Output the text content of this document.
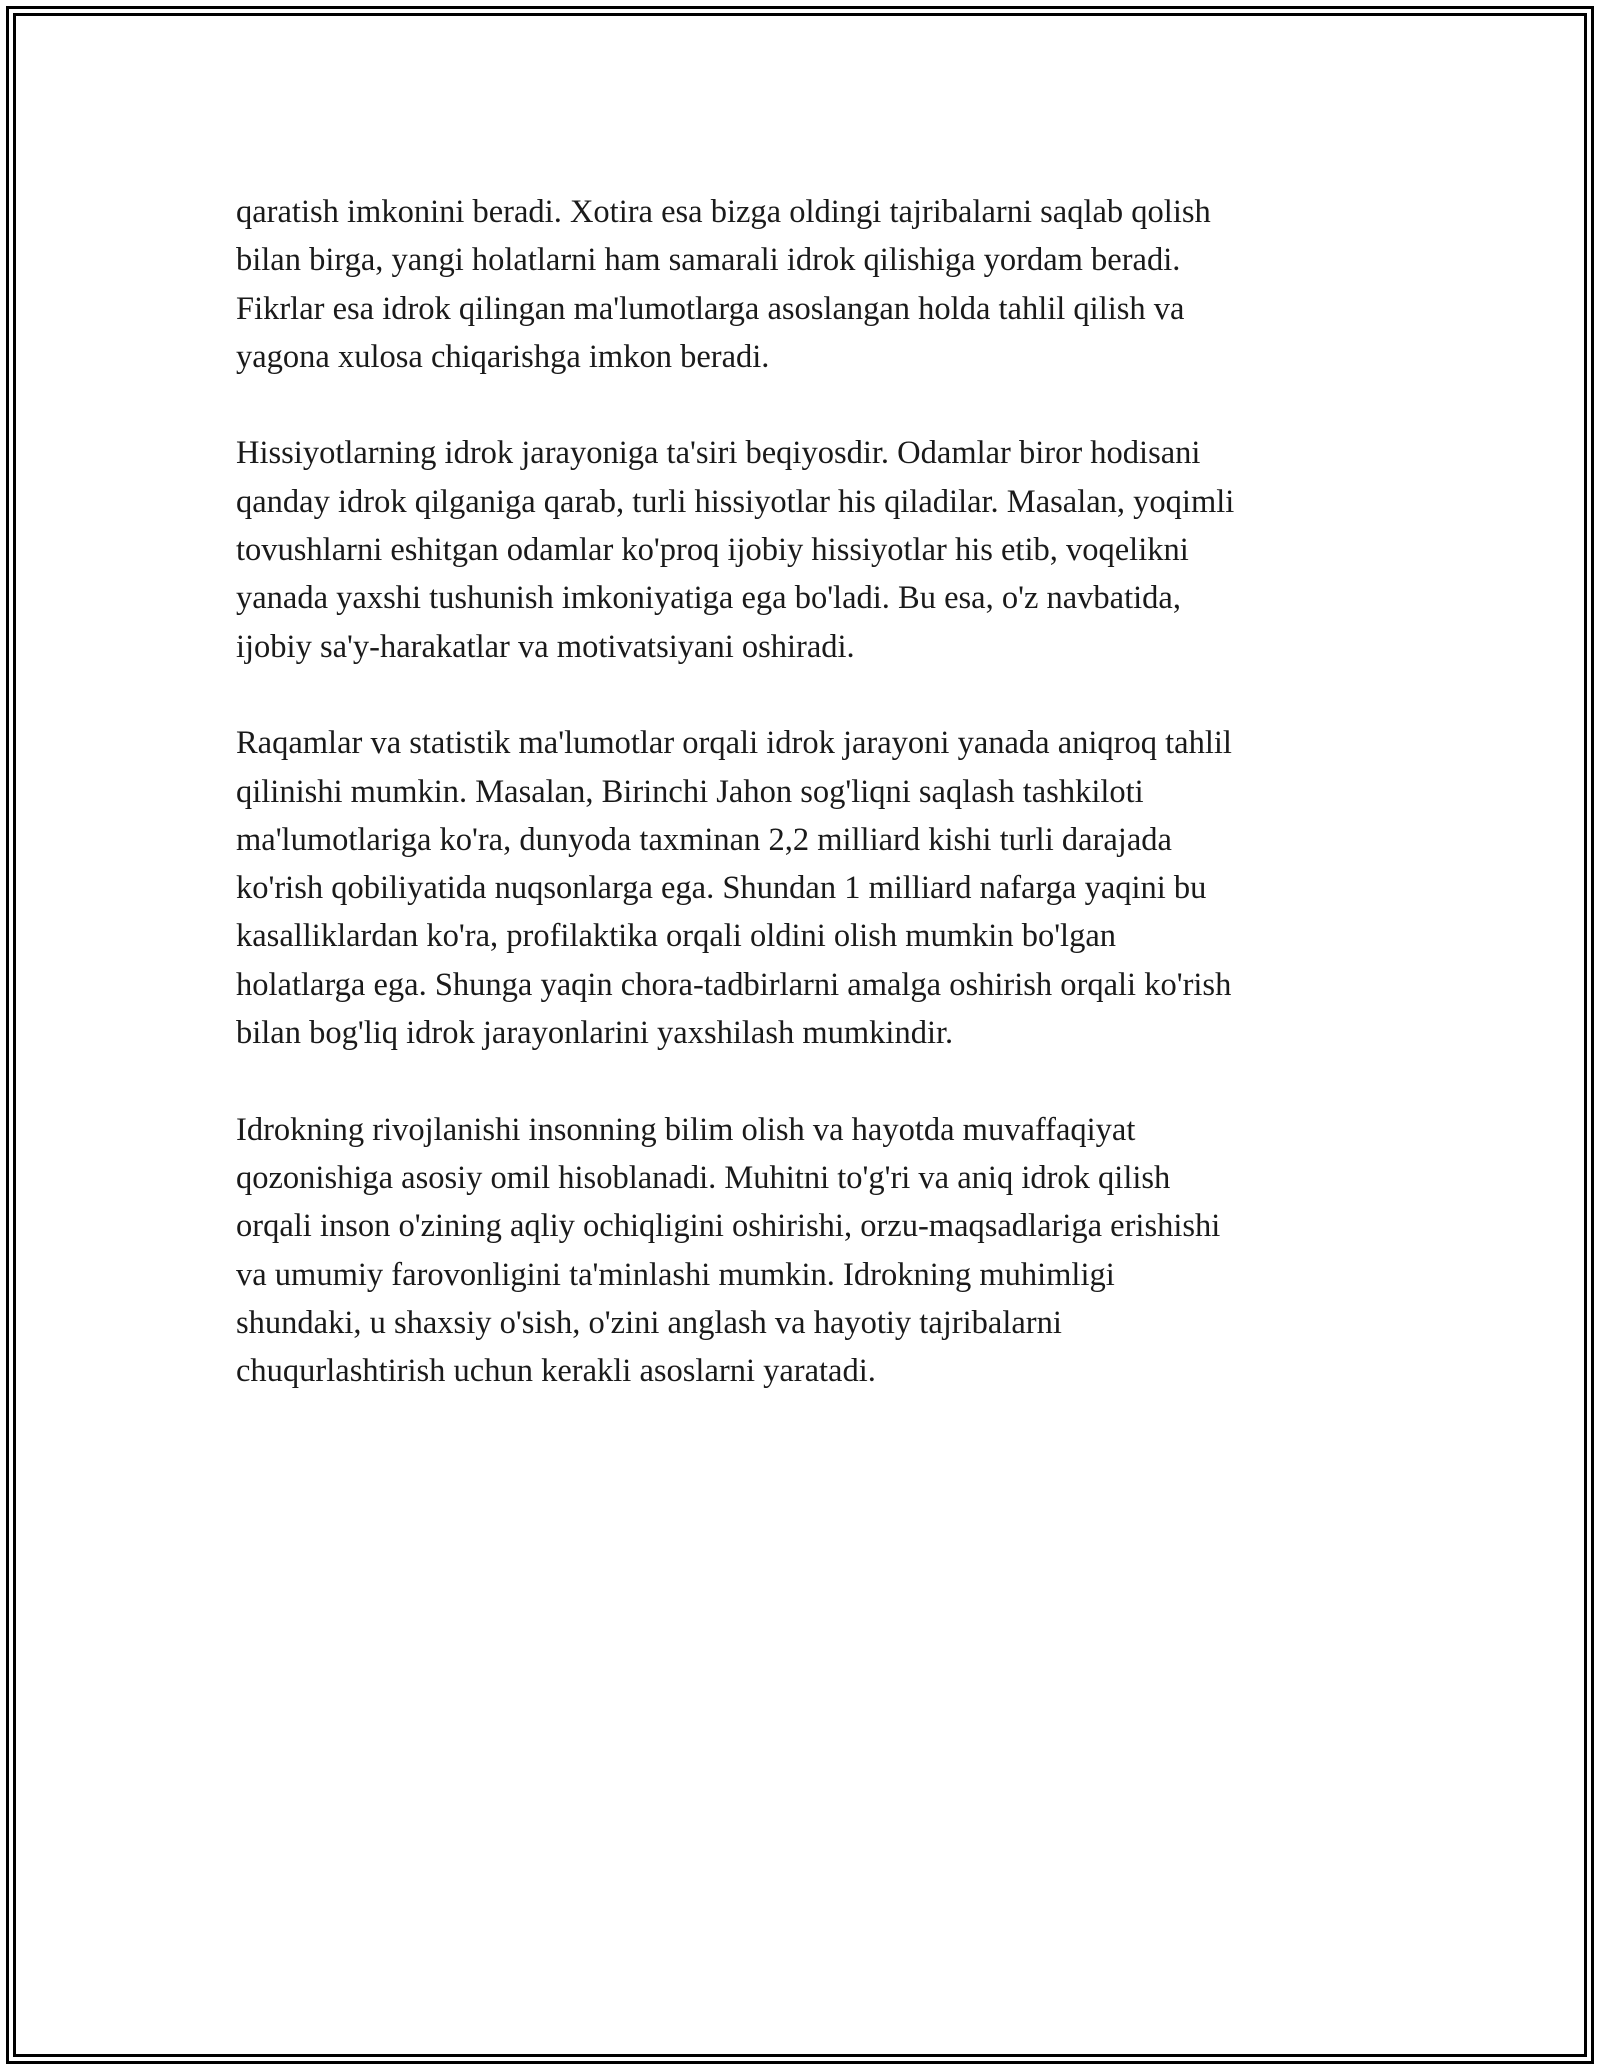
qaratish imkonini beradi. Xotira esa bizga oldingi tajribalarni saqlab qolish
bilan birga, yangi holatlarni ham samarali idrok qilishiga yordam beradi.
Fikrlar esa idrok qilingan ma'lumotlarga asoslangan holda tahlil qilish va
yagona xulosa chiqarishga imkon beradi.

Hissiyotlarning idrok jarayoniga ta'siri beqiyosdir. Odamlar biror hodisani
qanday idrok qilganiga qarab, turli hissiyotlar his qiladilar. Masalan, yoqimli
tovushlarni eshitgan odamlar ko'proq ijobiy hissiyotlar his etib, voqelikni
yanada yaxshi tushunish imkoniyatiga ega bo'ladi. Bu esa, o'z navbatida,
ijobiy sa'y-harakatlar va motivatsiyani oshiradi.

Raqamlar va statistik ma'lumotlar orqali idrok jarayoni yanada aniqroq tahlil
qilinishi mumkin. Masalan, Birinchi Jahon sog'liqni saqlash tashkiloti
ma'lumotlariga ko'ra, dunyoda taxminan 2,2 milliard kishi turli darajada
ko'rish qobiliyatida nuqsonlarga ega. Shundan 1 milliard nafarga yaqini bu
kasalliklardan ko'ra, profilaktika orqali oldini olish mumkin bo'lgan
holatlarga ega. Shunga yaqin chora-tadbirlarni amalga oshirish orqali ko'rish
bilan bog'liq idrok jarayonlarini yaxshilash mumkindir.

Idrokning rivojlanishi insonning bilim olish va hayotda muvaffaqiyat
qozonishiga asosiy omil hisoblanadi. Muhitni to'g'ri va aniq idrok qilish
orqali inson o'zining aqliy ochiqligini oshirishi, orzu-maqsadlariga erishishi
va umumiy farovonligini ta'minlashi mumkin. Idrokning muhimligi
shundaki, u shaxsiy o'sish, o'zini anglash va hayotiy tajribalarni
chuqurlashtirish uchun kerakli asoslarni yaratadi.
